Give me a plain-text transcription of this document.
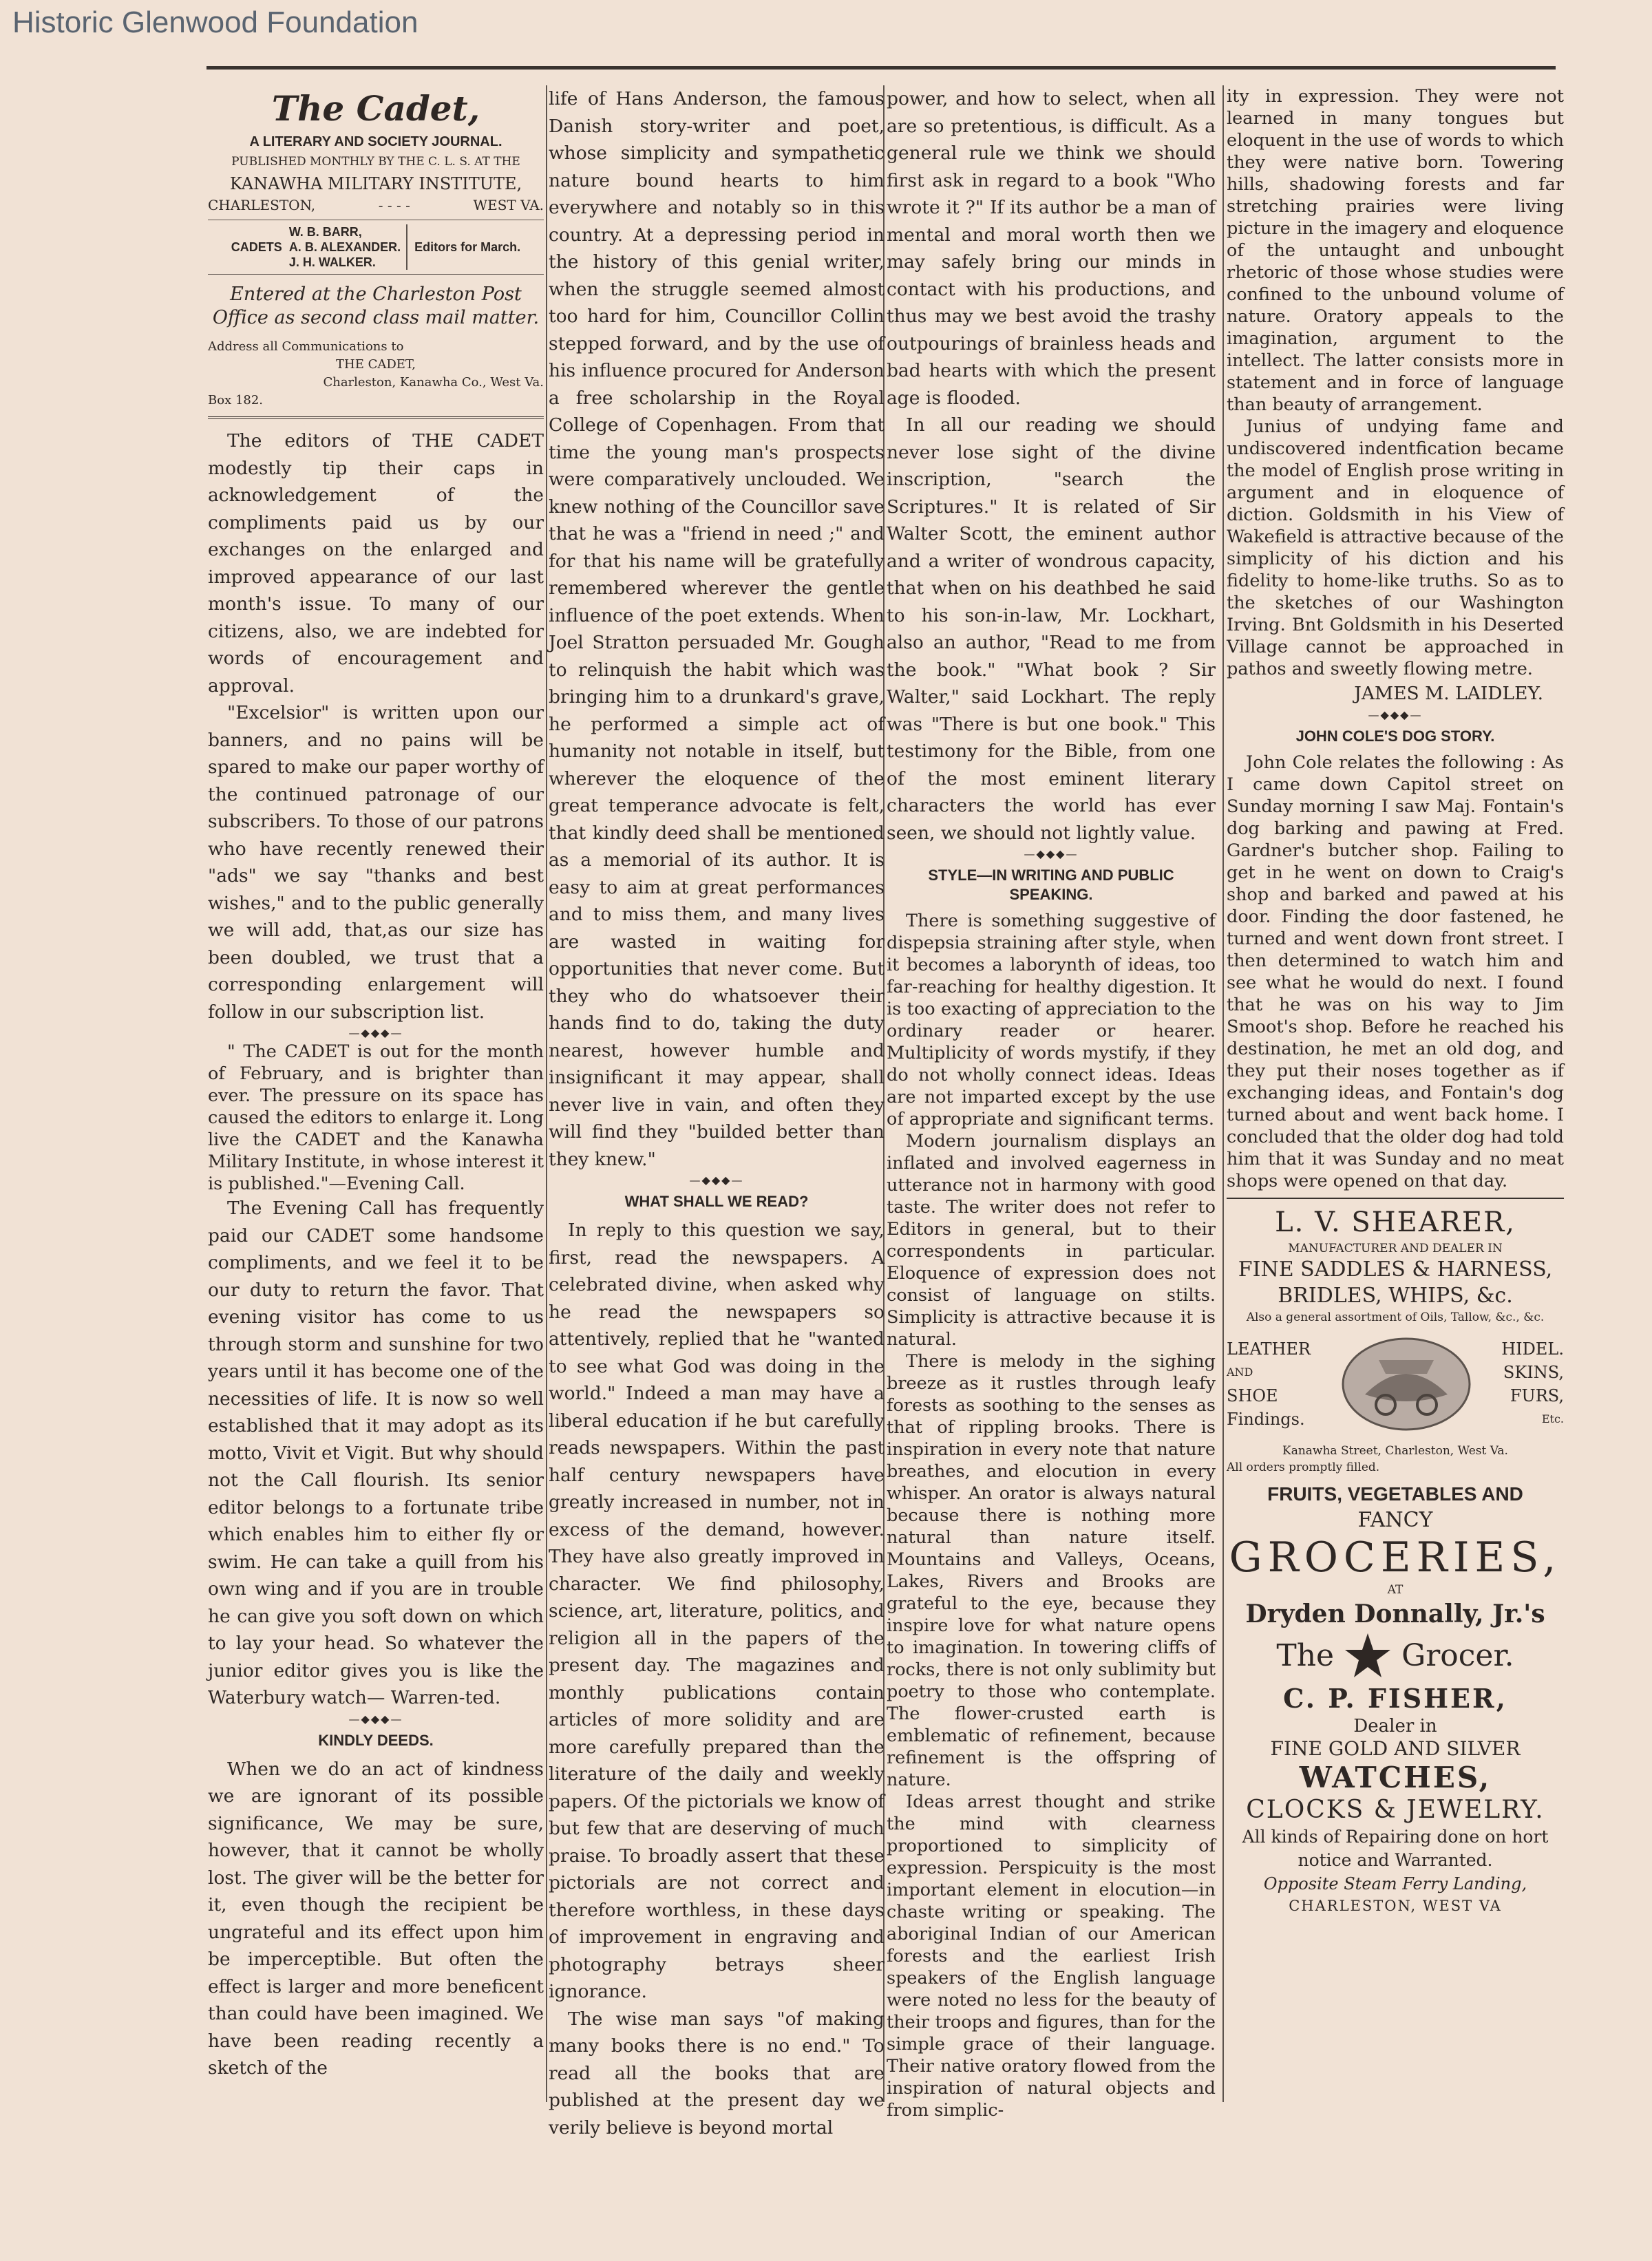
Historic Glenwood Foundation
The Cadet,
A LITERARY AND SOCIETY JOURNAL.
PUBLISHED MONTHLY BY THE C. L. S. AT THE
KANAWHA MILITARY INSTITUTE,
CHARLESTON,	- - - -	WEST VA.
CADETS
W. B. BARR,
A. B. ALEXANDER.
J. H. WALKER.
Editors for March.
Entered at the Charleston Post Office as second class mail matter.
Address all Communications to
THE CADET,
Charleston, Kanawha Co., West Va.
Box 182.

The editors of THE CADET modestly tip their caps in acknowledgement of the compliments paid us by our exchanges on the enlarged and improved appearance of our last month's issue. To many of our citizens, also, we are indebted for words of encouragement and approval.

"Excelsior" is written upon our banners, and no pains will be spared to make our paper worthy of the continued patronage of our subscribers. To those of our patrons who have recently renewed their "ads" we say "thanks and best wishes," and to the public generally we will add, that,as our size has been doubled, we trust that a corresponding enlargement will follow in our subscription list.

—◆◆◆—

" The CADET is out for the month of February, and is brighter than ever. The pressure on its space has caused the editors to enlarge it. Long live the CADET and the Kanawha Military Institute, in whose interest it is published."—Evening Call.

The Evening Call has frequently paid our CADET some handsome compliments, and we feel it to be our duty to return the favor. That evening visitor has come to us through storm and sunshine for two years until it has become one of the necessities of life. It is now so well established that it may adopt as its motto, Vivit et Vigit. But why should not the Call flourish. Its senior editor belongs to a fortunate tribe which enables him to either fly or swim. He can take a quill from his own wing and if you are in trouble he can give you soft down on which to lay your head. So whatever the junior editor gives you is like the Waterbury watch— Warren-ted.

—◆◆◆—
KINDLY DEEDS.

When we do an act of kindness we are ignorant of its possible significance, We may be sure, however, that it cannot be wholly lost. The giver will be the better for it, even though the recipient be ungrateful and its effect upon him be imperceptible. But often the effect is larger and more beneficent than could have been imagined. We have been reading recently a sketch of the

life of Hans Anderson, the famous Danish story-writer and poet, whose simplicity and sympathetic nature bound hearts to him everywhere and notably so in this country. At a depressing period in the history of this genial writer, when the struggle seemed almost too hard for him, Councillor Collin stepped forward, and by the use of his influence procured for Anderson a free scholarship in the Royal College of Copenhagen. From that time the young man's prospects were comparatively unclouded. We knew nothing of the Councillor save that he was a "friend in need ;" and for that his name will be gratefully remembered wherever the gentle influence of the poet extends. When Joel Stratton persuaded Mr. Gough to relinquish the habit which was bringing him to a drunkard's grave, he performed a simple act of humanity not notable in itself, but wherever the eloquence of the great temperance advocate is felt, that kindly deed shall be mentioned as a memorial of its author. It is easy to aim at great performances and to miss them, and many lives are wasted in waiting for opportunities that never come. But they who do whatsoever their hands find to do, taking the duty nearest, however humble and insignificant it may appear, shall never live in vain, and often they will find they "builded better than they knew."

—◆◆◆—
WHAT SHALL WE READ?

In reply to this question we say, first, read the newspapers. A celebrated divine, when asked why he read the newspapers so attentively, replied that he "wanted to see what God was doing in the world." Indeed a man may have a liberal education if he but carefully reads newspapers. Within the past half century newspapers have greatly increased in number, not in excess of the demand, however. They have also greatly improved in character. We find philosophy, science, art, literature, politics, and religion all in the papers of the present day. The magazines and monthly publications contain articles of more solidity and are more carefully prepared than the literature of the daily and weekly papers. Of the pictorials we know of but few that are deserving of much praise. To broadly assert that these pictorials are not correct and therefore worthless, in these days of improvement in engraving and photography betrays sheer ignorance.

The wise man says "of making many books there is no end." To read all the books that are published at the present day we verily believe is beyond mortal

power, and how to select, when all are so pretentious, is difficult. As a general rule we think we should first ask in regard to a book "Who wrote it ?" If its author be a man of mental and moral worth then we may safely bring our minds in contact with his productions, and thus may we best avoid the trashy outpourings of brainless heads and bad hearts with which the present age is flooded.

In all our reading we should never lose sight of the divine inscription, "search the Scriptures." It is related of Sir Walter Scott, the eminent author and a writer of wondrous capacity, that when on his deathbed he said to his son-in-law, Mr. Lockhart, also an author, "Read to me from the book." "What book ? Sir Walter," said Lockhart. The reply was "There is but one book." This testimony for the Bible, from one of the most eminent literary characters the world has ever seen, we should not lightly value.

—◆◆◆—
STYLE—IN WRITING AND PUBLIC SPEAKING.

There is something suggestive of dispepsia straining after style, when it becomes a laborynth of ideas, too far-reaching for healthy digestion. It is too exacting of appreciation to the ordinary reader or hearer. Multiplicity of words mystify, if they do not wholly connect ideas. Ideas are not imparted except by the use of appropriate and significant terms.

Modern journalism displays an inflated and involved eagerness in utterance not in harmony with good taste. The writer does not refer to Editors in general, but to their correspondents in particular. Eloquence of expression does not consist of language on stilts. Simplicity is attractive because it is natural.

There is melody in the sighing breeze as it rustles through leafy forests as soothing to the senses as that of rippling brooks. There is inspiration in every note that nature breathes, and elocution in every whisper. An orator is always natural because there is nothing more natural than nature itself. Mountains and Valleys, Oceans, Lakes, Rivers and Brooks are grateful to the eye, because they inspire love for what nature opens to imagination. In towering cliffs of rocks, there is not only sublimity but poetry to those who contemplate. The flower-crusted earth is emblematic of refinement, because refinement is the offspring of nature.

Ideas arrest thought and strike the mind with clearness proportioned to simplicity of expression. Perspicuity is the most important element in elocution—in chaste writing or speaking. The aboriginal Indian of our American forests and the earliest Irish speakers of the English language were noted no less for the beauty of their troops and figures, than for the simple grace of their language. Their native oratory flowed from the inspiration of natural objects and from simplic-

ity in expression. They were not learned in many tongues but eloquent in the use of words to which they were native born. Towering hills, shadowing forests and far stretching prairies were living picture in the imagery and eloquence of the untaught and unbought rhetoric of those whose studies were confined to the unbound volume of nature. Oratory appeals to the imagination, argument to the intellect. The latter consists more in statement and in force of language than beauty of arrangement.

Junius of undying fame and undiscovered indentfication became the model of English prose writing in argument and in eloquence of diction. Goldsmith in his View of Wakefield is attractive because of the simplicity of his diction and his fidelity to home-like truths. So as to the sketches of our Washington Irving. Bnt Goldsmith in his Deserted Village cannot be approached in pathos and sweetly flowing metre.

JAMES M. LAIDLEY.
—◆◆◆—
JOHN COLE'S DOG STORY.

John Cole relates the following : As I came down Capitol street on Sunday morning I saw Maj. Fontain's dog barking and pawing at Fred. Gardner's butcher shop. Failing to get in he went on down to Craig's shop and barked and pawed at his door. Finding the door fastened, he turned and went down front street. I then determined to watch him and see what he would do next. I found that he was on his way to Jim Smoot's shop. Before he reached his destination, he met an old dog, and they put their noses together as if exchanging ideas, and Fontain's dog turned about and went back home. I concluded that the older dog had told him that it was Sunday and no meat shops were opened on that day.

L. V. SHEARER,
MANUFACTURER AND DEALER IN
FINE SADDLES & HARNESS,
BRIDLES, WHIPS, &c.
Also a general assortment of Oils, Tallow, &c., &c.
LEATHER
AND
SHOE
Findings.
HIDEL.
SKINS,
FURS,
Etc.
Kanawha Street, Charleston, West Va.
All orders promptly filled.
FRUITS, VEGETABLES AND
FANCY
GROCERIES,
AT
Dryden Donnally, Jr.'s
The Grocer.
C. P. FISHER,
Dealer in
FINE GOLD AND SILVER
WATCHES,
CLOCKS & JEWELRY.
All kinds of Repairing done on hort notice and Warranted.
Opposite Steam Ferry Landing,
CHARLESTON, WEST VA
